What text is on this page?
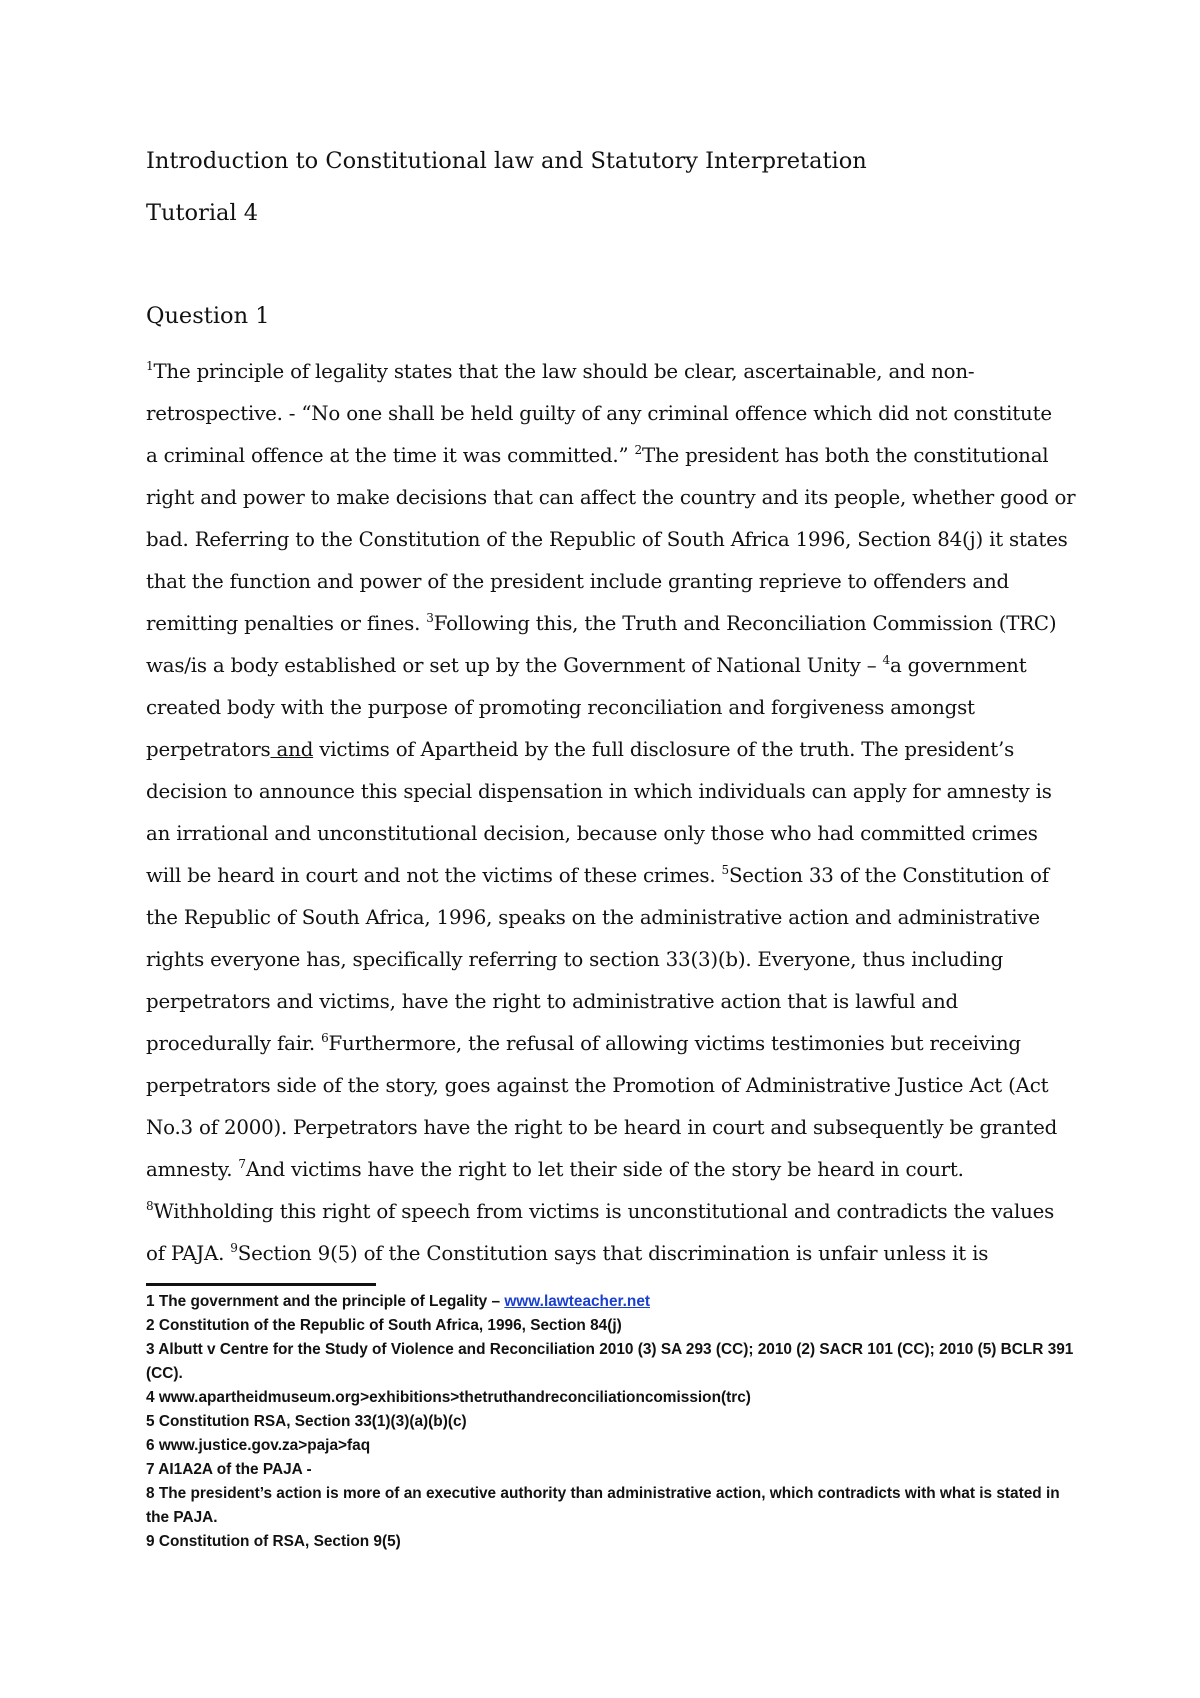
Introduction to Constitutional law and Statutory Interpretation
Tutorial 4
Question 1
$^1$The principle of legality states that the law should be clear, ascertainable, and non-
retrospective. - “No one shall be held guilty of any criminal offence which did not constitute
a criminal offence at the time it was committed.” $^2$The president has both the constitutional
right and power to make decisions that can affect the country and its people, whether good or
bad. Referring to the Constitution of the Republic of South Africa 1996, Section 84(j) it states
that the function and power of the president include granting reprieve to offenders and
remitting penalties or fines. $^3$Following this, the Truth and Reconciliation Commission (TRC)
was/is a body established or set up by the Government of National Unity – $^4$a government
created body with the purpose of promoting reconciliation and forgiveness amongst
perpetrators and victims of Apartheid by the full disclosure of the truth. The president’s
decision to announce this special dispensation in which individuals can apply for amnesty is
an irrational and unconstitutional decision, because only those who had committed crimes
will be heard in court and not the victims of these crimes. $^5$Section 33 of the Constitution of
the Republic of South Africa, 1996, speaks on the administrative action and administrative
rights everyone has, specifically referring to section 33(3)(b). Everyone, thus including
perpetrators and victims, have the right to administrative action that is lawful and
procedurally fair. $^6$Furthermore, the refusal of allowing victims testimonies but receiving
perpetrators side of the story, goes against the Promotion of Administrative Justice Act (Act
No.3 of 2000). Perpetrators have the right to be heard in court and subsequently be granted
amnesty. $^7$And victims have the right to let their side of the story be heard in court.
$^8$Withholding this right of speech from victims is unconstitutional and contradicts the values
of PAJA. $^9$Section 9(5) of the Constitution says that discrimination is unfair unless it is
1 The government and the principle of Legality – www.lawteacher.net
2 Constitution of the Republic of South Africa, 1996, Section 84(j)
3 Albutt v Centre for the Study of Violence and Reconciliation 2010 (3) SA 293 (CC); 2010 (2) SACR 101 (CC); 2010 (5) BCLR 391 (CC).
4 www.apartheidmuseum.org>exhibitions>thetruthandreconciliationcomission(trc)
5 Constitution RSA, Section 33(1)(3)(a)(b)(c)
6 www.justice.gov.za>paja>faq
7 AI1A2A of the PAJA -
8 The president’s action is more of an executive authority than administrative action, which contradicts with what is stated in the PAJA.
9 Constitution of RSA, Section 9(5)
